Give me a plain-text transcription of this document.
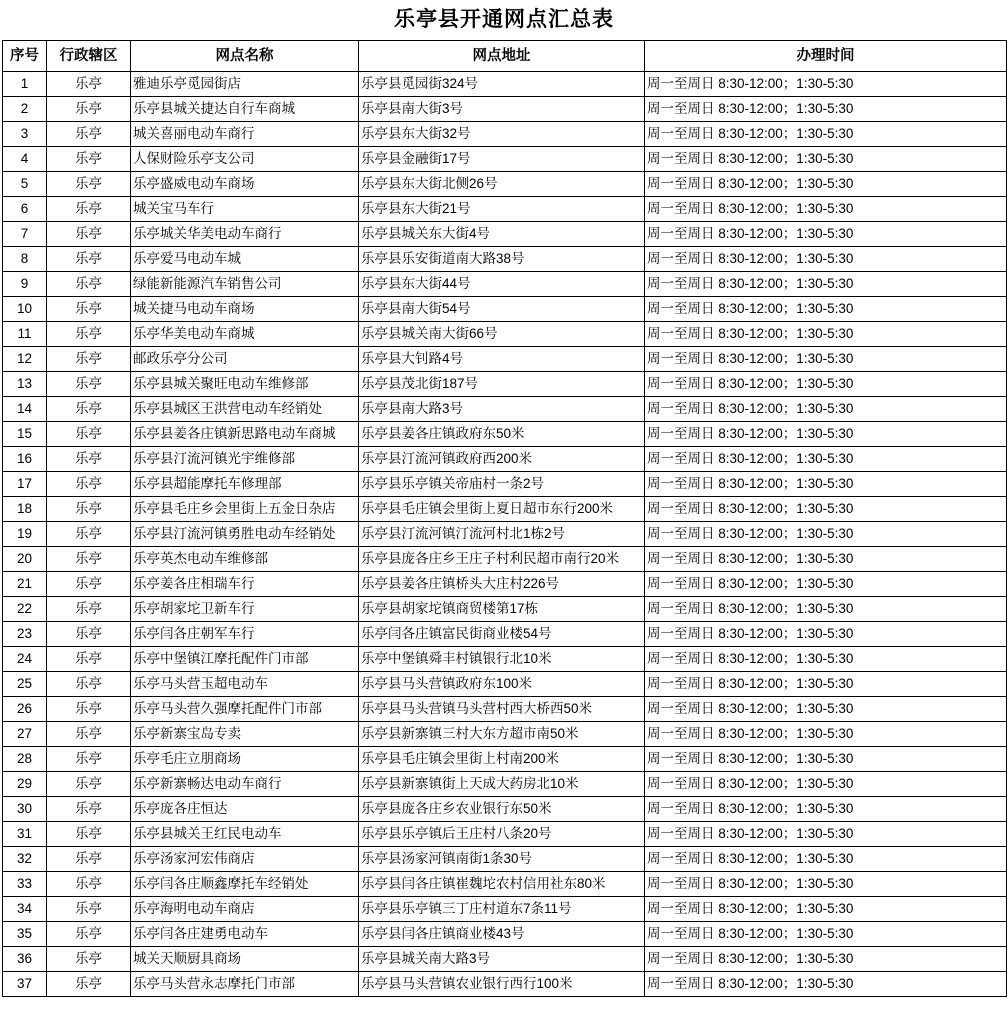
乐亭县开通网点汇总表
序号	行政辖区	网点名称	网点地址	办理时间
1	乐亭	雅迪乐亭觅园街店	乐亭县觅园街324号	周一至周日 8:30-12:00；1:30-5:30
2	乐亭	乐亭县城关捷达自行车商城	乐亭县南大街3号	周一至周日 8:30-12:00；1:30-5:30
3	乐亭	城关喜丽电动车商行	乐亭县东大街32号	周一至周日 8:30-12:00；1:30-5:30
4	乐亭	人保财险乐亭支公司	乐亭县金融街17号	周一至周日 8:30-12:00；1:30-5:30
5	乐亭	乐亭盛威电动车商场	乐亭县东大街北侧26号	周一至周日 8:30-12:00；1:30-5:30
6	乐亭	城关宝马车行	乐亭县东大街21号	周一至周日 8:30-12:00；1:30-5:30
7	乐亭	乐亭城关华美电动车商行	乐亭县城关东大街4号	周一至周日 8:30-12:00；1:30-5:30
8	乐亭	乐亭爱马电动车城	乐亭县乐安街道南大路38号	周一至周日 8:30-12:00；1:30-5:30
9	乐亭	绿能新能源汽车销售公司	乐亭县东大街44号	周一至周日 8:30-12:00；1:30-5:30
10	乐亭	城关捷马电动车商场	乐亭县南大街54号	周一至周日 8:30-12:00；1:30-5:30
11	乐亭	乐亭华美电动车商城	乐亭县城关南大街66号	周一至周日 8:30-12:00；1:30-5:30
12	乐亭	邮政乐亭分公司	乐亭县大钊路4号	周一至周日 8:30-12:00；1:30-5:30
13	乐亭	乐亭县城关聚旺电动车维修部	乐亭县茂北街187号	周一至周日 8:30-12:00；1:30-5:30
14	乐亭	乐亭县城区王洪营电动车经销处	乐亭县南大路3号	周一至周日 8:30-12:00；1:30-5:30
15	乐亭	乐亭县姜各庄镇新思路电动车商城	乐亭县姜各庄镇政府东50米	周一至周日 8:30-12:00；1:30-5:30
16	乐亭	乐亭县汀流河镇光宇维修部	乐亭县汀流河镇政府西200米	周一至周日 8:30-12:00；1:30-5:30
17	乐亭	乐亭县超能摩托车修理部	乐亭县乐亭镇关帝庙村一条2号	周一至周日 8:30-12:00；1:30-5:30
18	乐亭	乐亭县毛庄乡会里街上五金日杂店	乐亭县毛庄镇会里街上夏日超市东行200米	周一至周日 8:30-12:00；1:30-5:30
19	乐亭	乐亭县汀流河镇勇胜电动车经销处	乐亭县汀流河镇汀流河村北1栋2号	周一至周日 8:30-12:00；1:30-5:30
20	乐亭	乐亭英杰电动车维修部	乐亭县庞各庄乡王庄子村利民超市南行20米	周一至周日 8:30-12:00；1:30-5:30
21	乐亭	乐亭姜各庄相瑞车行	乐亭县姜各庄镇桥头大庄村226号	周一至周日 8:30-12:00；1:30-5:30
22	乐亭	乐亭胡家坨卫新车行	乐亭县胡家坨镇商贸楼第17栋	周一至周日 8:30-12:00；1:30-5:30
23	乐亭	乐亭闫各庄朝军车行	乐亭闫各庄镇富民街商业楼54号	周一至周日 8:30-12:00；1:30-5:30
24	乐亭	乐亭中堡镇江摩托配件门市部	乐亭中堡镇舜丰村镇银行北10米	周一至周日 8:30-12:00；1:30-5:30
25	乐亭	乐亭马头营玉超电动车	乐亭县马头营镇政府东100米	周一至周日 8:30-12:00；1:30-5:30
26	乐亭	乐亭马头营久强摩托配件门市部	乐亭县马头营镇马头营村西大桥西50米	周一至周日 8:30-12:00；1:30-5:30
27	乐亭	乐亭新寨宝岛专卖	乐亭县新寨镇三村大东方超市南50米	周一至周日 8:30-12:00；1:30-5:30
28	乐亭	乐亭毛庄立朋商场	乐亭县毛庄镇会里街上村南200米	周一至周日 8:30-12:00；1:30-5:30
29	乐亭	乐亭新寨畅达电动车商行	乐亭县新寨镇街上天成大药房北10米	周一至周日 8:30-12:00；1:30-5:30
30	乐亭	乐亭庞各庄恒达	乐亭县庞各庄乡农业银行东50米	周一至周日 8:30-12:00；1:30-5:30
31	乐亭	乐亭县城关王红民电动车	乐亭县乐亭镇后王庄村八条20号	周一至周日 8:30-12:00；1:30-5:30
32	乐亭	乐亭汤家河宏伟商店	乐亭县汤家河镇南街1条30号	周一至周日 8:30-12:00；1:30-5:30
33	乐亭	乐亭闫各庄顺鑫摩托车经销处	乐亭县闫各庄镇崔魏坨农村信用社东80米	周一至周日 8:30-12:00；1:30-5:30
34	乐亭	乐亭海明电动车商店	乐亭县乐亭镇三丁庄村道东7条11号	周一至周日 8:30-12:00；1:30-5:30
35	乐亭	乐亭闫各庄建勇电动车	乐亭县闫各庄镇商业楼43号	周一至周日 8:30-12:00；1:30-5:30
36	乐亭	城关天顺厨具商场	乐亭县城关南大路3号	周一至周日 8:30-12:00；1:30-5:30
37	乐亭	乐亭马头营永志摩托门市部	乐亭县马头营镇农业银行西行100米	周一至周日 8:30-12:00；1:30-5:30
